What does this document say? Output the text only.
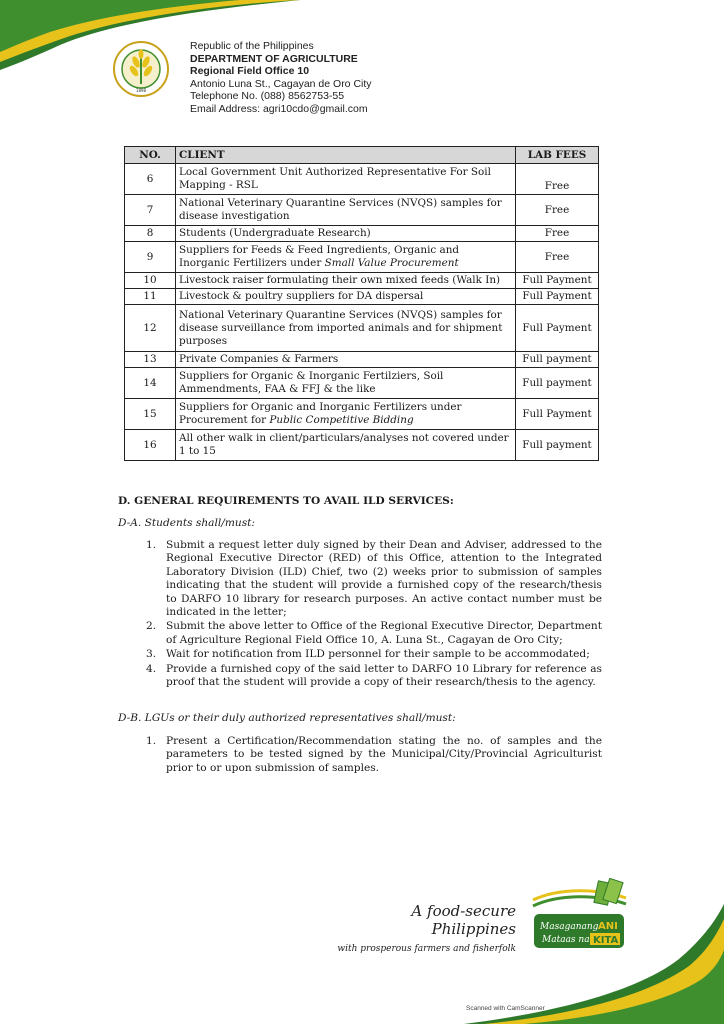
1898
Republic of the Philippines
DEPARTMENT OF AGRICULTURE
Regional Field Office 10
Antonio Luna St., Cagayan de Oro City
Telephone No. (088) 8562753-55
Email Address: agri10cdo@gmail.com
NO.	CLIENT	LAB FEES
6	Local Government Unit Authorized Representative For Soil Mapping - RSL	Free
7	National Veterinary Quarantine Services (NVQS) samples for disease investigation	Free
8	Students (Undergraduate Research)	Free
9	Suppliers for Feeds & Feed Ingredients, Organic and Inorganic Fertilizers under Small Value Procurement	Free
10	Livestock raiser formulating their own mixed feeds (Walk In)	Full Payment
11	Livestock & poultry suppliers for DA dispersal	Full Payment
12	National Veterinary Quarantine Services (NVQS) samples for disease surveillance from imported animals and for shipment purposes	Full Payment
13	Private Companies & Farmers	Full payment
14	Suppliers for Organic & Inorganic Fertilziers, Soil Ammendments, FAA & FFJ & the like	Full payment
15	Suppliers for Organic and Inorganic Fertilizers under Procurement for Public Competitive Bidding	Full Payment
16	All other walk in client/particulars/analyses not covered under 1 to 15	Full payment
D. GENERAL REQUIREMENTS TO AVAIL ILD SERVICES:
D-A. Students shall/must:
1. Submit a request letter duly signed by their Dean and Adviser, addressed to the Regional Executive Director (RED) of this Office, attention to the Integrated Laboratory Division (ILD) Chief, two (2) weeks prior to submission of samples indicating that the student will provide a furnished copy of the research/thesis to DARFO 10 library for research purposes. An active contact number must be indicated in the letter;
2. Submit the above letter to Office of the Regional Executive Director, Department of Agriculture Regional Field Office 10, A. Luna St., Cagayan de Oro City;
3. Wait for notification from ILD personnel for their sample to be accommodated;
4. Provide a furnished copy of the said letter to DARFO 10 Library for reference as proof that the student will provide a copy of their research/thesis to the agency.
D-B. LGUs or their duly authorized representatives shall/must:
1. Present a Certification/Recommendation stating the no. of samples and the parameters to be tested signed by the Municipal/City/Provincial Agriculturist prior to or upon submission of samples.
A food-secure Philippines
with prosperous farmers and fisherfolk
Masaganang ANI
Mataas na KITA
Scanned with CamScanner
